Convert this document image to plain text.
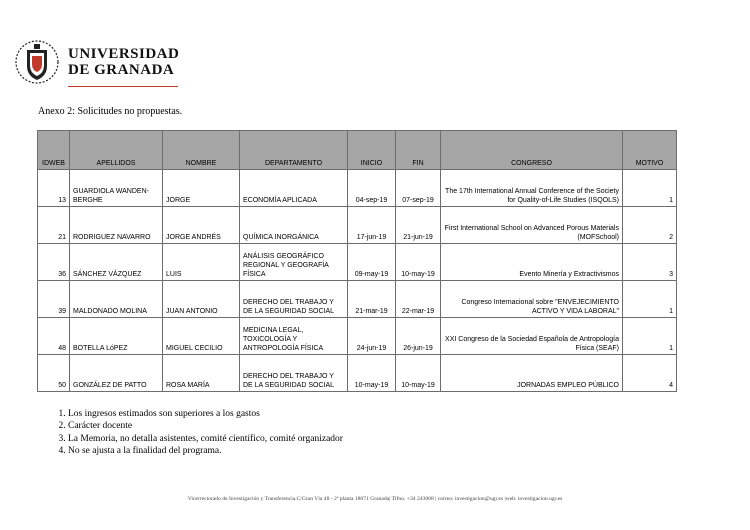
UNIVERSIDAD
DE GRANADA
Anexo 2: Solicitudes no propuestas.
IDWEB	APELLIDOS	NOMBRE	DEPARTAMENTO	INICIO	FIN	CONGRESO	MOTIVO
13	GUARDIOLA WANDEN-BERGHE	JORGE	ECONOMÍA APLICADA	04-sep-19	07-sep-19	The 17th International Annual Conference of the Society for Quality-of-Life Studies (ISQOLS)	1
21	RODRIGUEZ NAVARRO	JORGE ANDRÉS	QUÍMICA INORGÁNICA	17-jun-19	21-jun-19	First International School on Advanced Porous Materials (MOFSchool)	2
36	SÁNCHEZ VÁZQUEZ	LUIS	ANÁLISIS GEOGRÁFICO REGIONAL Y GEOGRAFÍA FÍSICA	09-may-19	10-may-19	Evento Minería y Extractivismos	3
39	MALDONADO MOLINA	JUAN ANTONIO	DERECHO DEL TRABAJO Y DE LA SEGURIDAD SOCIAL	21-mar-19	22-mar-19	Congreso Internacional sobre "ENVEJECIMIENTO ACTIVO Y VIDA LABORAL"	1
48	BOTELLA LóPEZ	MIGUEL CECILIO	MEDICINA LEGAL, TOXICOLOGÍA Y ANTROPOLOGÍA FÍSICA	24-jun-19	26-jun-19	XXI Congreso de la Sociedad Española de Antropología Física (SEAF)	1
50	GONZÁLEZ DE PATTO	ROSA MARÍA	DERECHO DEL TRABAJO Y DE LA SEGURIDAD SOCIAL	10-may-19	10-may-19	JORNADAS EMPLEO PÚBLICO	4
1. Los ingresos estimados son superiores a los gastos
2. Carácter docente
3. La Memoria, no detalla asistentes, comité científico, comité organizador
4. No se ajusta a la finalidad del programa.
Vicerrectorado de Investigación y Transferencia.C/Gran Vía 48 - 2ª planta 18071 Granada| Tlfno. +34 243008 | correo: investigacion@ugr.es |web: investigacion.ugr.es
